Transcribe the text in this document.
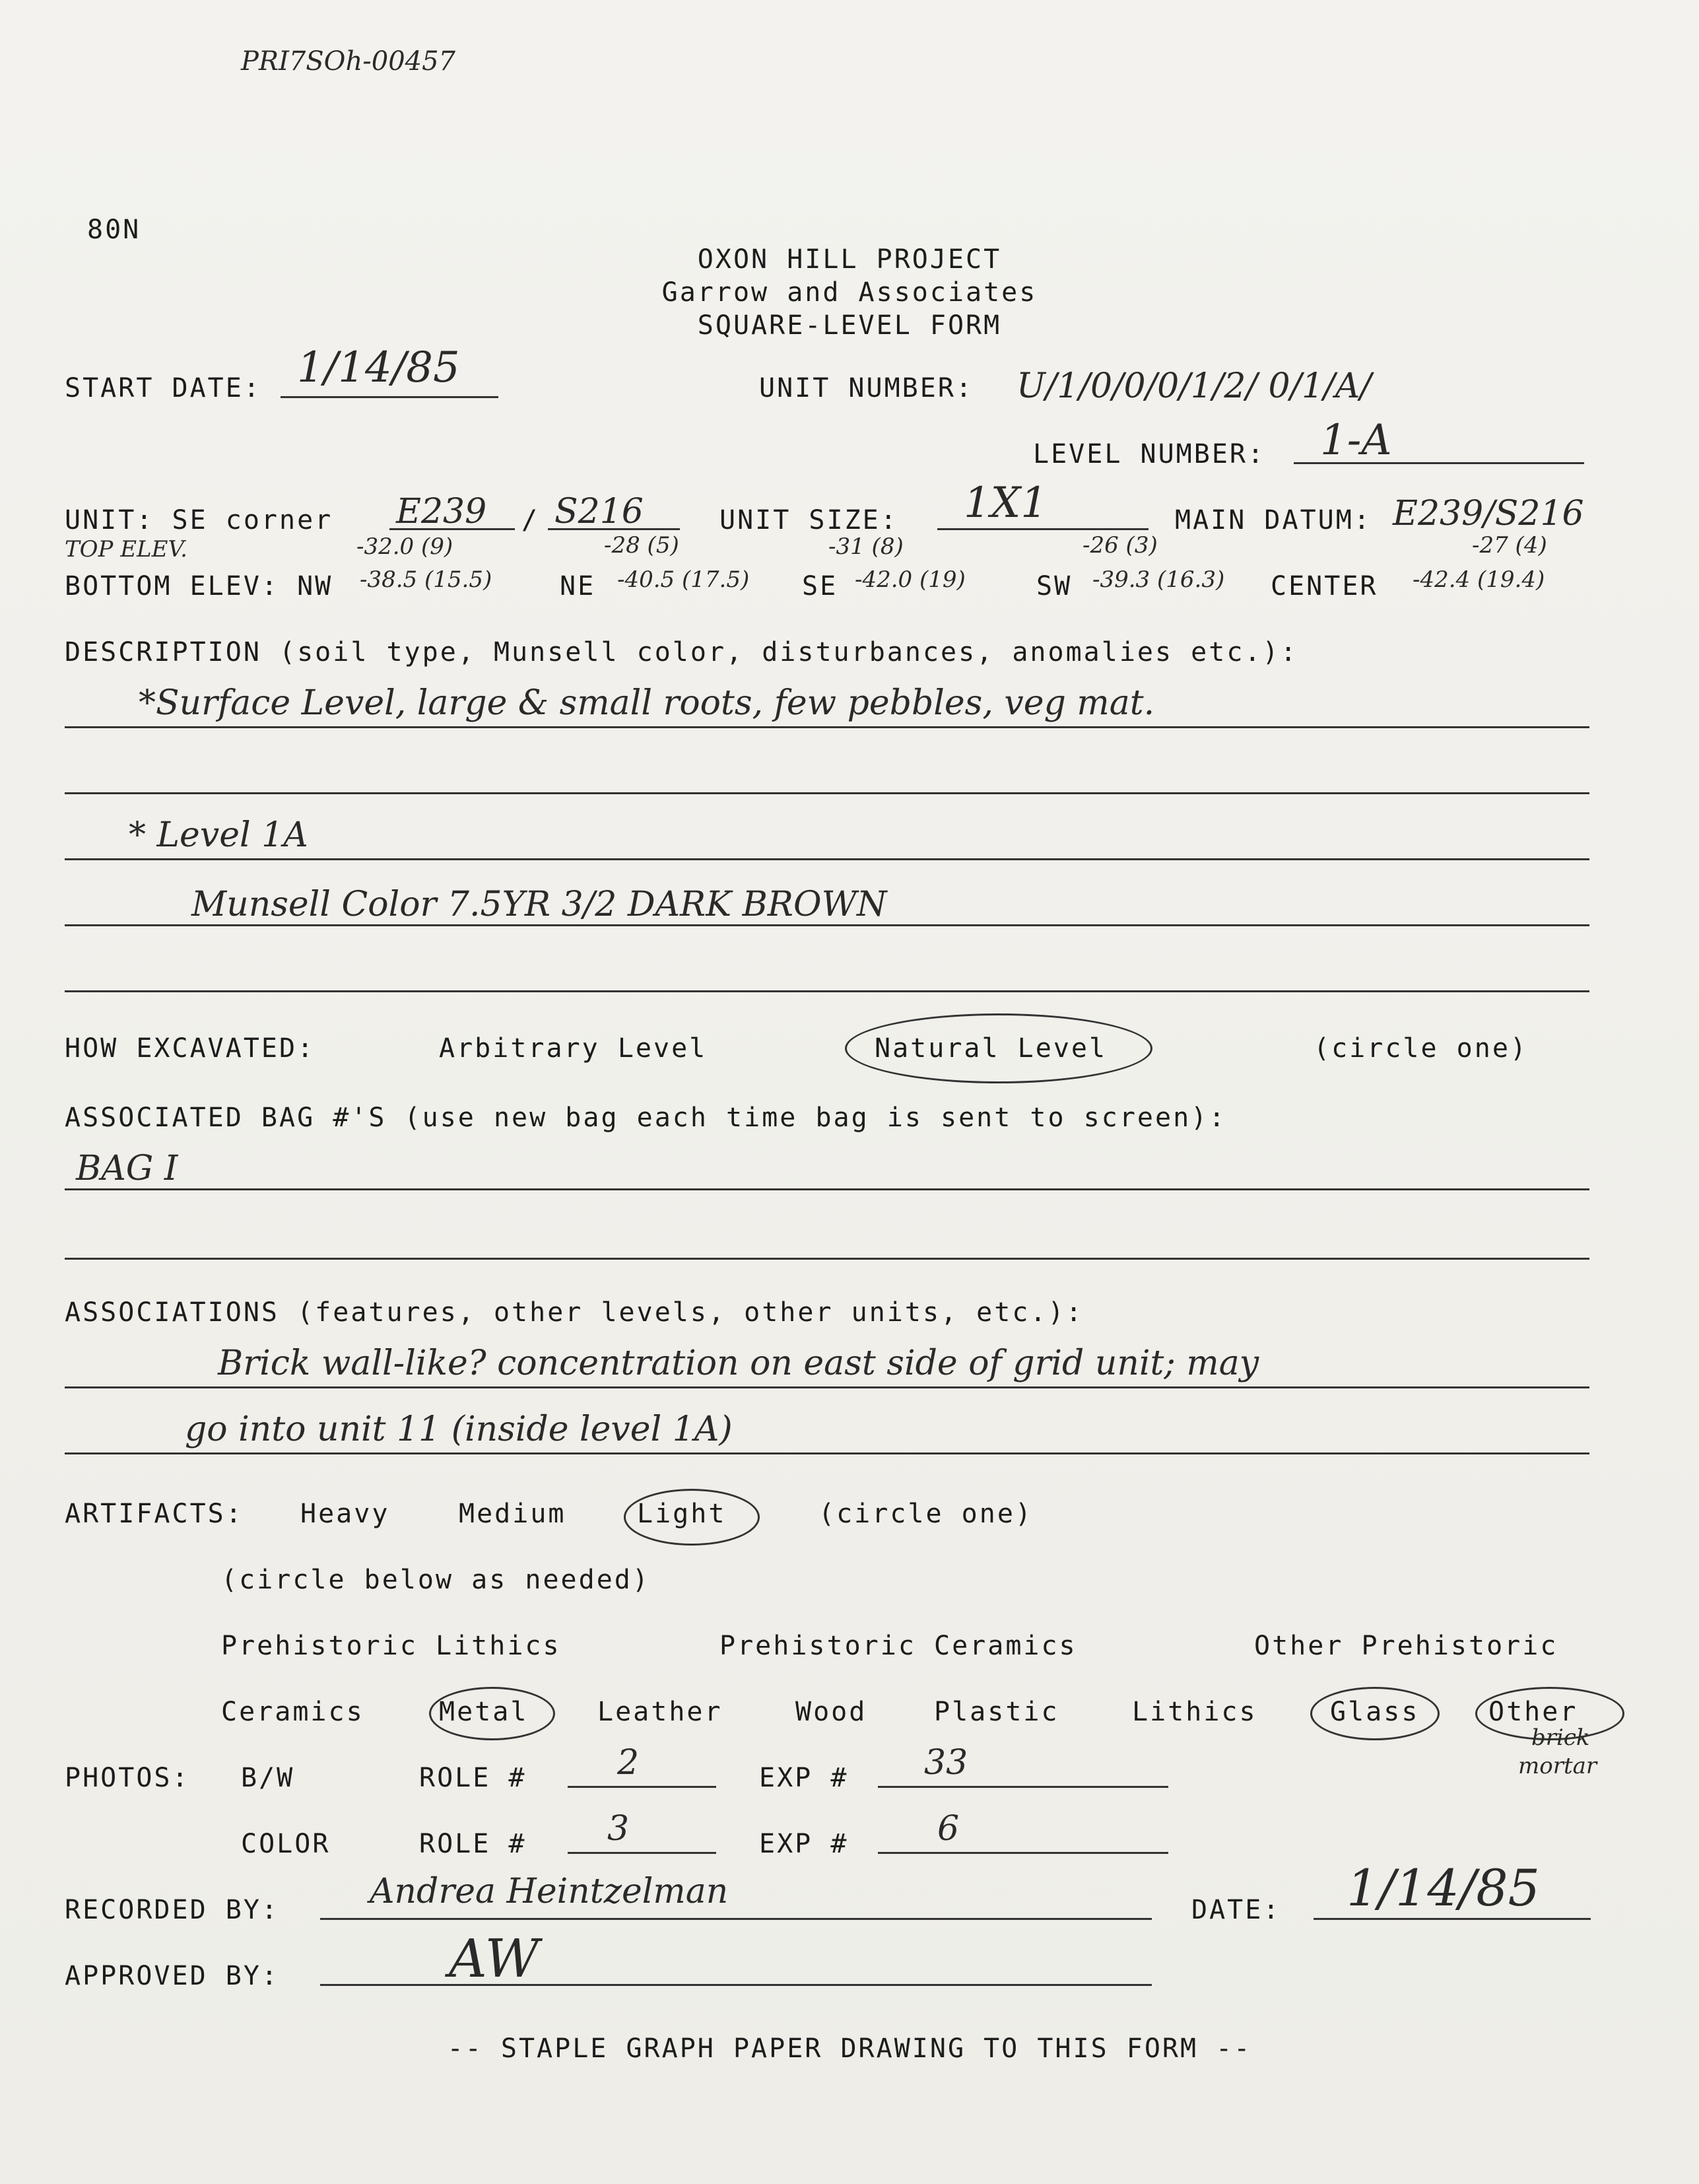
PRI7SOh-00457
80N
OXON HILL PROJECT
Garrow and Associates
SQUARE-LEVEL FORM
START DATE: 1/14/85	UNIT NUMBER: U/1/0/0/0/1/2/ 0/1/A/
LEVEL NUMBER: 1-A
UNIT: SE corner E239 / S216	UNIT SIZE: 1X1	MAIN DATUM: E239/S216
TOP ELEV.	-32.0 (9)	-28 (5)	-31 (8)	-26 (3)	-27 (4)
BOTTOM ELEV: NW -38.5 (15.5)	NE -40.5 (17.5) SE -42.0 (19)	SW -39.3 (16.3) CENTER -42.4 (19.4)
DESCRIPTION (soil type, Munsell color, disturbances, anomalies etc.):
*Surface Level, large & small roots, few pebbles, veg mat.
* Level 1A
Munsell Color 7.5YR 3/2 DARK BROWN
HOW EXCAVATED:	Arbitrary Level	Natural Level	(circle one)
ASSOCIATED BAG #'S (use new bag each time bag is sent to screen):
BAG I
ASSOCIATIONS (features, other levels, other units, etc.):
Brick wall-like? concentration on east side of grid unit; may
go into unit 11 (inside level 1A)
ARTIFACTS: Heavy	Medium	Light	(circle one)
(circle below as needed)
Prehistoric Lithics	Prehistoric Ceramics	Other Prehistoric
Ceramics	Metal	Leather	Wood	Plastic	Lithics	Glass	Other
brick
mortar
PHOTOS: B/W	ROLE #	2	EXP # 33
COLOR	ROLE # 3	EXP #	6
RECORDED BY:	Andrea Heintzelman	DATE: 1/14/85
APPROVED BY:	AW
-- STAPLE GRAPH PAPER DRAWING TO THIS FORM --
